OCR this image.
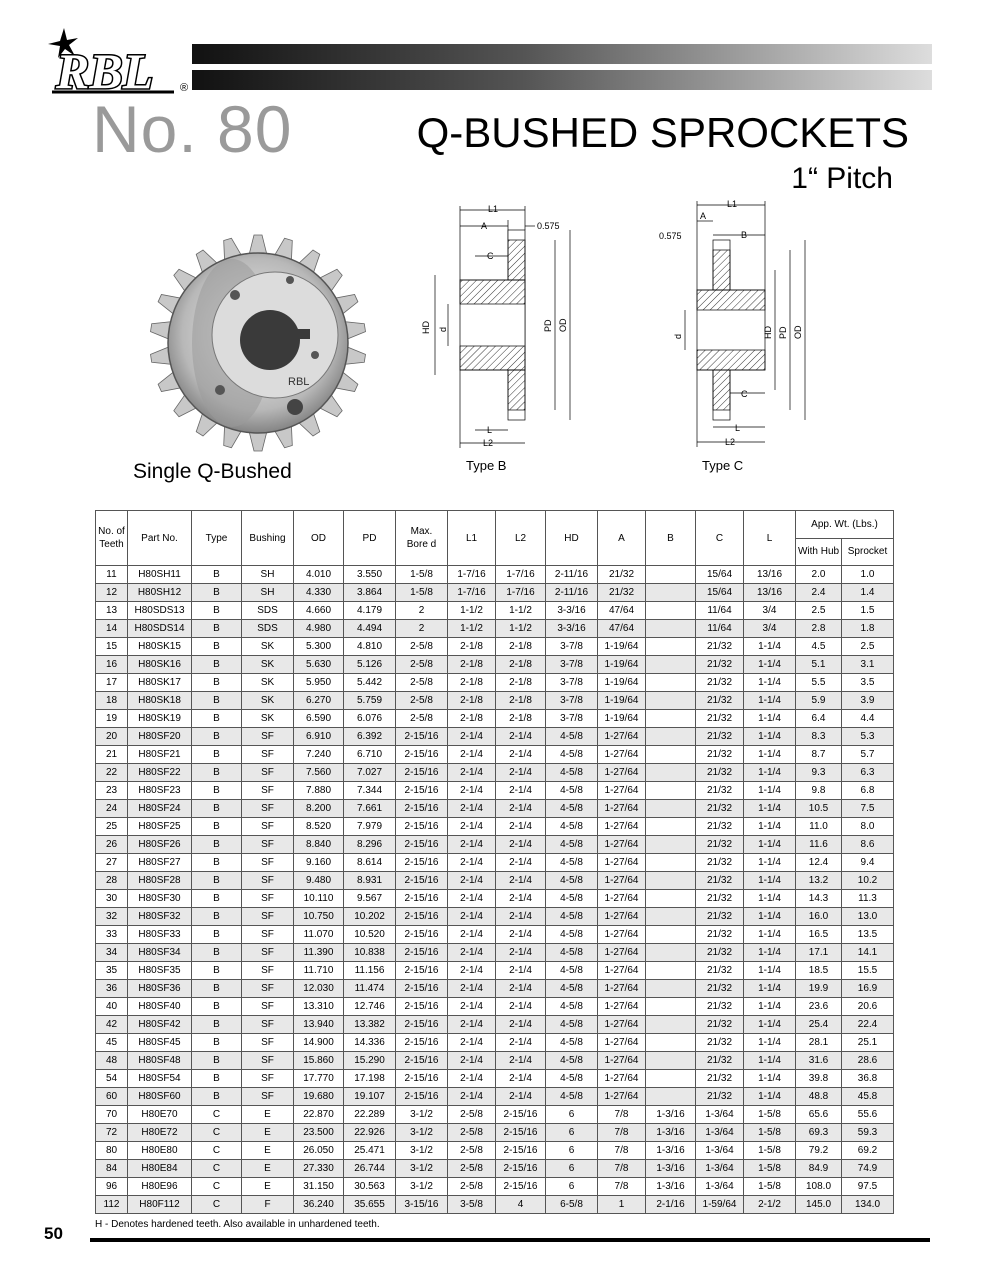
RBL ®
No. 80	Q-BUSHED SPROCKETS
1“ Pitch
RBL
Single Q-Bushed
L1
A	0.575
C
HD d	PD OD
L
L2
Type B
L1
A
0.575	B
d	HD PD OD
C
L
L2
Type C
No. of Teeth	Part No.	Type	Bushing	OD	PD	Max. Bore d	L1	L2	HD	A	B	C	L	App. Wt. (Lbs.)	
														With Hub	Sprocket
11	H80SH11	B	SH	4.010	3.550	1-5/8	1-7/16	1-7/16	2-11/16	21/32		15/64	13/16	2.0	1.0
12	H80SH12	B	SH	4.330	3.864	1-5/8	1-7/16	1-7/16	2-11/16	21/32		15/64	13/16	2.4	1.4
13	H80SDS13	B	SDS	4.660	4.179	2	1-1/2	1-1/2	3-3/16	47/64		11/64	3/4	2.5	1.5
14	H80SDS14	B	SDS	4.980	4.494	2	1-1/2	1-1/2	3-3/16	47/64		11/64	3/4	2.8	1.8
15	H80SK15	B	SK	5.300	4.810	2-5/8	2-1/8	2-1/8	3-7/8	1-19/64		21/32	1-1/4	4.5	2.5
16	H80SK16	B	SK	5.630	5.126	2-5/8	2-1/8	2-1/8	3-7/8	1-19/64		21/32	1-1/4	5.1	3.1
17	H80SK17	B	SK	5.950	5.442	2-5/8	2-1/8	2-1/8	3-7/8	1-19/64		21/32	1-1/4	5.5	3.5
18	H80SK18	B	SK	6.270	5.759	2-5/8	2-1/8	2-1/8	3-7/8	1-19/64		21/32	1-1/4	5.9	3.9
19	H80SK19	B	SK	6.590	6.076	2-5/8	2-1/8	2-1/8	3-7/8	1-19/64		21/32	1-1/4	6.4	4.4
20	H80SF20	B	SF	6.910	6.392	2-15/16	2-1/4	2-1/4	4-5/8	1-27/64		21/32	1-1/4	8.3	5.3
21	H80SF21	B	SF	7.240	6.710	2-15/16	2-1/4	2-1/4	4-5/8	1-27/64		21/32	1-1/4	8.7	5.7
22	H80SF22	B	SF	7.560	7.027	2-15/16	2-1/4	2-1/4	4-5/8	1-27/64		21/32	1-1/4	9.3	6.3
23	H80SF23	B	SF	7.880	7.344	2-15/16	2-1/4	2-1/4	4-5/8	1-27/64		21/32	1-1/4	9.8	6.8
24	H80SF24	B	SF	8.200	7.661	2-15/16	2-1/4	2-1/4	4-5/8	1-27/64		21/32	1-1/4	10.5	7.5
25	H80SF25	B	SF	8.520	7.979	2-15/16	2-1/4	2-1/4	4-5/8	1-27/64		21/32	1-1/4	11.0	8.0
26	H80SF26	B	SF	8.840	8.296	2-15/16	2-1/4	2-1/4	4-5/8	1-27/64		21/32	1-1/4	11.6	8.6
27	H80SF27	B	SF	9.160	8.614	2-15/16	2-1/4	2-1/4	4-5/8	1-27/64		21/32	1-1/4	12.4	9.4
28	H80SF28	B	SF	9.480	8.931	2-15/16	2-1/4	2-1/4	4-5/8	1-27/64		21/32	1-1/4	13.2	10.2
30	H80SF30	B	SF	10.110	9.567	2-15/16	2-1/4	2-1/4	4-5/8	1-27/64		21/32	1-1/4	14.3	11.3
32	H80SF32	B	SF	10.750	10.202	2-15/16	2-1/4	2-1/4	4-5/8	1-27/64		21/32	1-1/4	16.0	13.0
33	H80SF33	B	SF	11.070	10.520	2-15/16	2-1/4	2-1/4	4-5/8	1-27/64		21/32	1-1/4	16.5	13.5
34	H80SF34	B	SF	11.390	10.838	2-15/16	2-1/4	2-1/4	4-5/8	1-27/64		21/32	1-1/4	17.1	14.1
35	H80SF35	B	SF	11.710	11.156	2-15/16	2-1/4	2-1/4	4-5/8	1-27/64		21/32	1-1/4	18.5	15.5
36	H80SF36	B	SF	12.030	11.474	2-15/16	2-1/4	2-1/4	4-5/8	1-27/64		21/32	1-1/4	19.9	16.9
40	H80SF40	B	SF	13.310	12.746	2-15/16	2-1/4	2-1/4	4-5/8	1-27/64		21/32	1-1/4	23.6	20.6
42	H80SF42	B	SF	13.940	13.382	2-15/16	2-1/4	2-1/4	4-5/8	1-27/64		21/32	1-1/4	25.4	22.4
45	H80SF45	B	SF	14.900	14.336	2-15/16	2-1/4	2-1/4	4-5/8	1-27/64		21/32	1-1/4	28.1	25.1
48	H80SF48	B	SF	15.860	15.290	2-15/16	2-1/4	2-1/4	4-5/8	1-27/64		21/32	1-1/4	31.6	28.6
54	H80SF54	B	SF	17.770	17.198	2-15/16	2-1/4	2-1/4	4-5/8	1-27/64		21/32	1-1/4	39.8	36.8
60	H80SF60	B	SF	19.680	19.107	2-15/16	2-1/4	2-1/4	4-5/8	1-27/64		21/32	1-1/4	48.8	45.8
70	H80E70	C	E	22.870	22.289	3-1/2	2-5/8	2-15/16	6	7/8	1-3/16	1-3/64	1-5/8	65.6	55.6
72	H80E72	C	E	23.500	22.926	3-1/2	2-5/8	2-15/16	6	7/8	1-3/16	1-3/64	1-5/8	69.3	59.3
80	H80E80	C	E	26.050	25.471	3-1/2	2-5/8	2-15/16	6	7/8	1-3/16	1-3/64	1-5/8	79.2	69.2
84	H80E84	C	E	27.330	26.744	3-1/2	2-5/8	2-15/16	6	7/8	1-3/16	1-3/64	1-5/8	84.9	74.9
96	H80E96	C	E	31.150	30.563	3-1/2	2-5/8	2-15/16	6	7/8	1-3/16	1-3/64	1-5/8	108.0	97.5
112	H80F112	C	F	36.240	35.655	3-15/16	3-5/8	4	6-5/8	1	2-1/16	1-59/64	2-1/2	145.0	134.0
H - Denotes hardened teeth. Also available in unhardened teeth.
50
